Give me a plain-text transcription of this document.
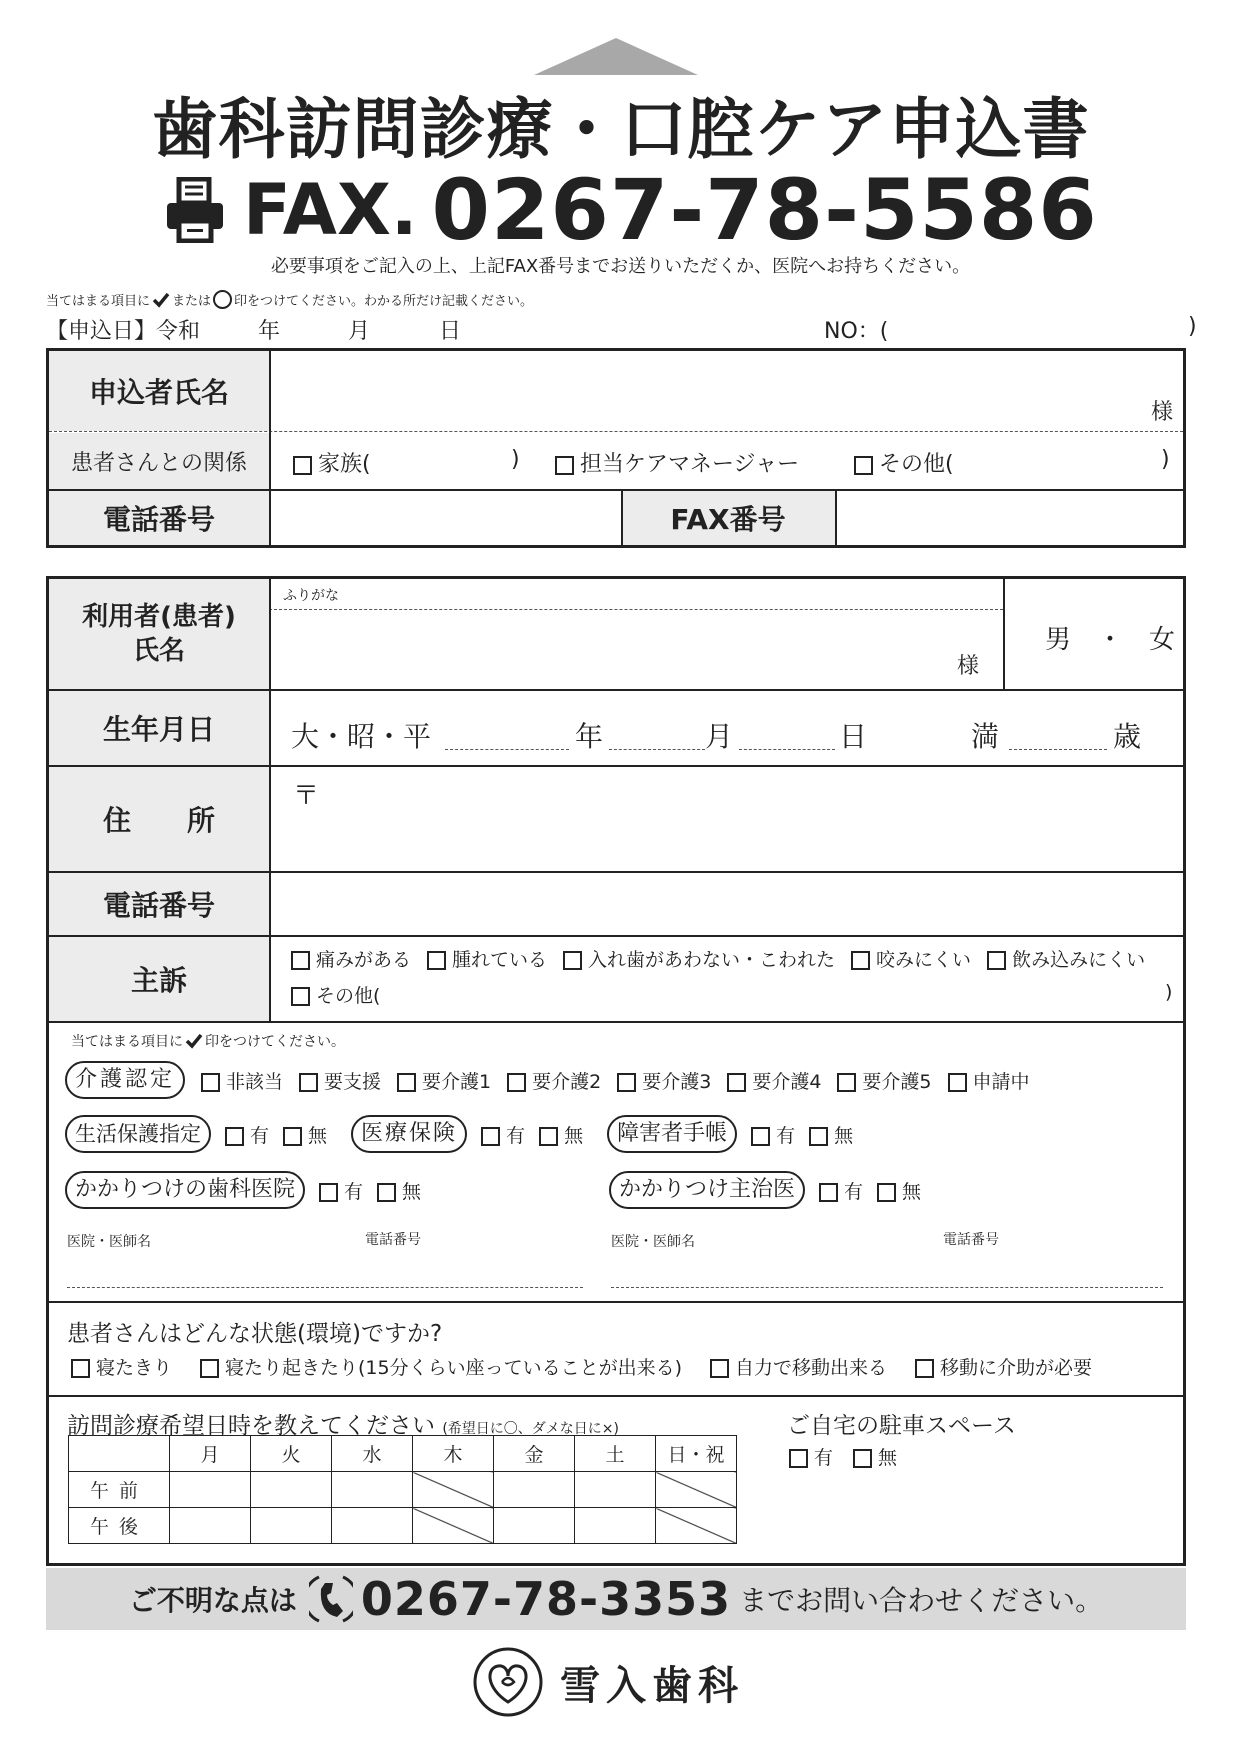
歯科訪問診療・口腔ケア申込書
FAX. 0267-78-5586
必要事項をご記入の上、上記FAX番号までお送りいただくか、医院へお持ちください。
当てはまる項目に または 印をつけてください。わかる所だけ記載ください。
【申込日】令和	年	月	日	NO：(	)
申込者氏名
様
患者さんとの関係	家族(	)	担当ケアマネージャー	その他(	)
電話番号	FAX番号
利用者(患者)
氏名
ふりがな
様
男　・　女
生年月日	大・昭・平	年	月	日	満	歳
住　　所
〒
電話番号
主訴
痛みがある	腫れている	入れ歯があわない・こわれた	咬みにくい	飲み込みにくい
その他(	)
当てはまる項目に 印をつけてください。
介護認定	非該当	要支援	要介護1	要介護2	要介護3	要介護4	要介護5	申請中
生活保護指定	有	無	医療保険	有	無	障害者手帳	有	無
かかりつけの歯科医院	有	無	かかりつけ主治医	有	無
医院・医師名	電話番号	医院・医師名	電話番号
患者さんはどんな状態(環境)ですか?
寝たきり	寝たり起きたり(15分くらい座っていることが出来る)	自力で移動出来る	移動に介助が必要
訪問診療希望日時を教えてください (希望日に〇、ダメな日に×)	ご自宅の駐車スペース
有	無
	月	火	水	木	金	土	日・祝
午前							
午後							
ご不明な点は 0267-78-3353 までお問い合わせください。
雪入歯科
